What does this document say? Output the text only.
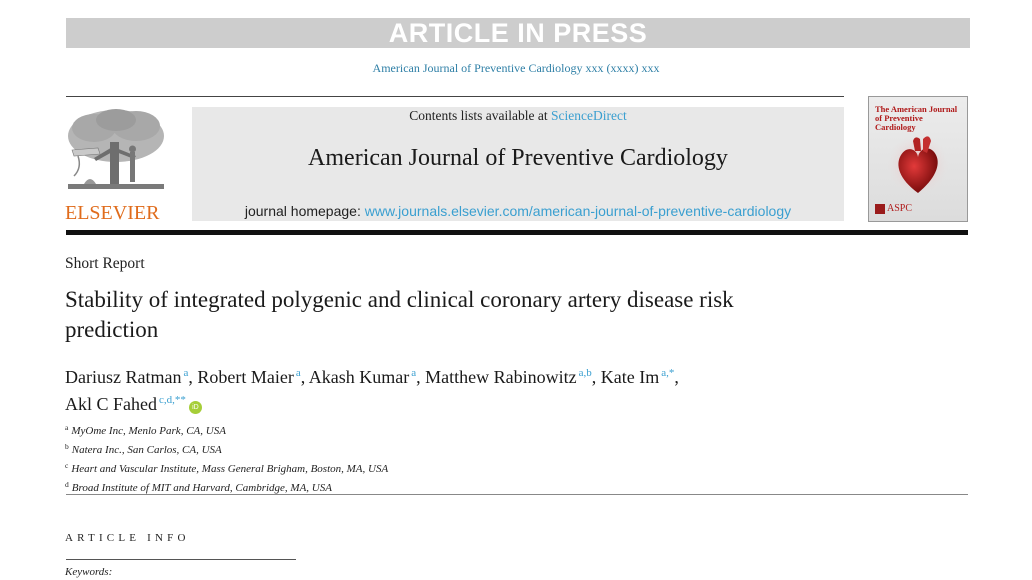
ARTICLE IN PRESS
American Journal of Preventive Cardiology xxx (xxxx) xxx
ELSEVIER
Contents lists available at ScienceDirect
American Journal of Preventive Cardiology
journal homepage: www.journals.elsevier.com/american-journal-of-preventive-cardiology
The American Journal of Preventive Cardiology
ASPC
Short Report
Stability of integrated polygenic and clinical coronary artery disease risk prediction
Dariusz Ratman $^a$, Robert Maier $^a$, Akash Kumar $^a$, Matthew Rabinowitz $^{a,b}$, Kate Im $^{a,*}$,
Akl C Fahed $^{c,d,**}$iD
$^a$ MyOme Inc, Menlo Park, CA, USA
$^b$ Natera Inc., San Carlos, CA, USA
$^c$ Heart and Vascular Institute, Mass General Brigham, Boston, MA, USA
$^d$ Broad Institute of MIT and Harvard, Cambridge, MA, USA
ARTICLE INFO
Keywords:
